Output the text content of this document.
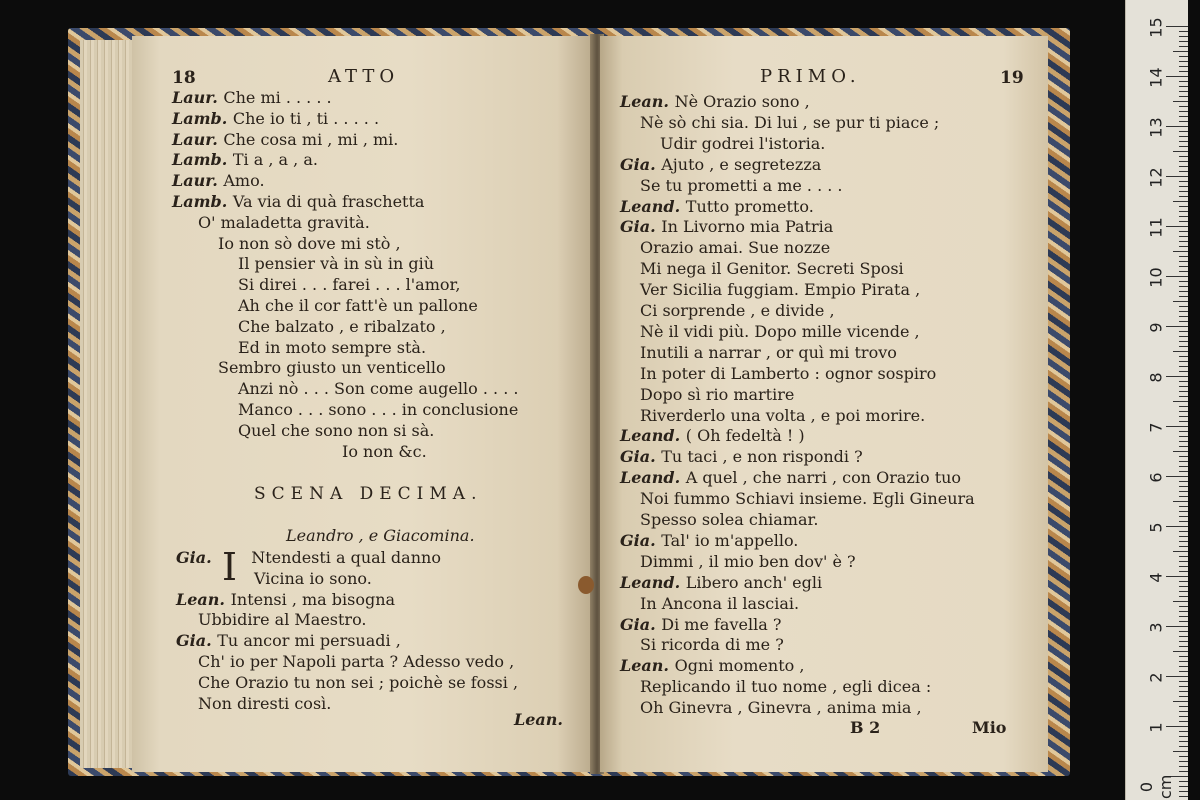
18	ATTO
Laur. Che mi . . . . .
Lamb. Che io ti , ti . . . . .
Laur. Che cosa mi , mi , mi.
Lamb. Ti a , a , a.
Laur. Amo.
Lamb. Va via di quà fraschetta
O' maladetta gravità.
Io non sò dove mi stò ,
Il pensier và in sù in giù
Si direi . . . farei . . . l'amor,
Ah che il cor fatt'è un pallone
Che balzato , e ribalzato ,
Ed in moto sempre stà.
Sembro giusto un venticello
Anzi nò . . . Son come augello . . . .
Manco . . . sono . . . in conclusione
Quel che sono non si sà.
Io non &c.
SCENA DECIMA.
Leandro , e Giacomina.
I
Gia. Ntendesti a qual danno
Vicina io sono.
Lean. Intensi , ma bisogna
Ubbidire al Maestro.
Gia. Tu ancor mi persuadi ,
Ch' io per Napoli parta ? Adesso vedo ,
Che Orazio tu non sei ; poichè se fossi ,
Non diresti così.
Lean.
PRIMO.	19
Lean. Nè Orazio sono ,
Nè sò chi sia. Di lui , se pur ti piace ;
Udir godrei l'istoria.
Gia. Ajuto , e segretezza
Se tu prometti a me . . . .
Leand. Tutto prometto.
Gia. In Livorno mia Patria
Orazio amai. Sue nozze
Mi nega il Genitor. Secreti Sposi
Ver Sicilia fuggiam. Empio Pirata ,
Ci sorprende , e divide ,
Nè il vidi più. Dopo mille vicende ,
Inutili a narrar , or quì mi trovo
In poter di Lamberto : ognor sospiro
Dopo sì rio martire
Riverderlo una volta , e poi morire.
Leand. ( Oh fedeltà ! )
Gia. Tu taci , e non rispondi ?
Leand. A quel , che narri , con Orazio tuo
Noi fummo Schiavi insieme. Egli Gineura
Spesso solea chiamar.
Gia. Tal' io m'appello.
Dimmi , il mio ben dov' è ?
Leand. Libero anch' egli
In Ancona il lasciai.
Gia. Di me favella ?
Si ricorda di me ?
Lean. Ogni momento ,
Replicando il tuo nome , egli dicea :
Oh Ginevra , Ginevra , anima mia ,
B 2	Mio
15
14
13
12
11
10
9
8
7
6
5
4
3
2
1
0 cm
